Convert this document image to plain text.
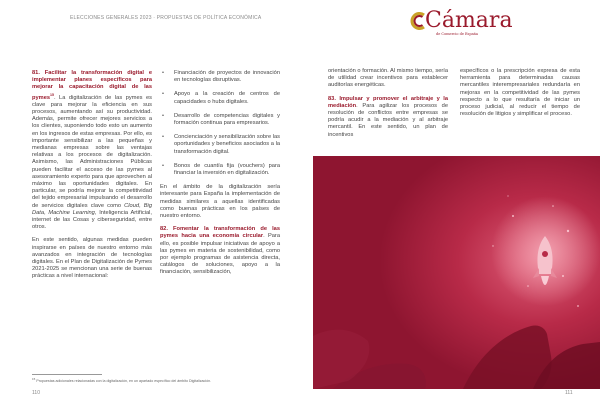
ELECCIONES GENERALES 2023 · PROPUESTAS DE POLÍTICA ECONÓMICA	Cámara
de Comercio de España

81. Facilitar la transformación digital e implementar planes específicos para mejorar la capacitación digital de las pymes$^{15}$. La digitalización de las pymes es clave para mejorar la eficiencia en sus procesos, aumentando así su productividad. Además, permite ofrecer mejores servicios a los clientes, suponiendo todo esto un aumento en los ingresos de estas empresas. Por ello, es importante sensibilizar a las pequeñas y medianas empresas sobre las ventajas relativas a los procesos de digitalización. Asimismo, las Administraciones Públicas pueden facilitar el acceso de las pymes al asesoramiento experto para que aprovechen al máximo las oportunidades digitales. En particular, se podría mejorar la competitividad del tejido empresarial impulsando el desarrollo de servicios digitales clave como Cloud, Big Data, Machine Learning, Inteligencia Artificial, internet de las Cosas y ciberseguridad, entre otros.

En este sentido, algunas medidas pueden inspirarse en países de nuestro entorno más avanzados en integración de tecnologías digitales. En el Plan de Digitalización de Pymes 2021-2025 se mencionan una serie de buenas prácticas a nivel internacional:

• Financiación de proyectos de innovación en tecnologías disruptivas.
• Apoyo a la creación de centros de capacidades o hubs digitales.
• Desarrollo de competencias digitales y formación continua para empresarios.
• Concienciación y sensibilización sobre las oportunidades y beneficios asociados a la transformación digital.
• Bonos de cuantía fija (vouchers) para financiar la inversión en digitalización.

En el ámbito de la digitalización sería interesante para España la implementación de medidas similares a aquellas identificadas como buenas prácticas en los países de nuestro entorno.

82. Fomentar la transformación de las pymes hacia una economía circular. Para ello, es posible impulsar iniciativas de apoyo a las pymes en materia de sostenibilidad, como por ejemplo programas de asistencia directa, catálogos de soluciones, apoyo a la financiación, sensibilización,

orientación o formación. Al mismo tiempo, sería de utilidad crear incentivos para establecer auditorías energéticas.

83. Impulsar y promover el arbitraje y la mediación. Para agilizar los procesos de resolución de conflictos entre empresas se podría acudir a la mediación y al arbitraje mercantil. En este sentido, un plan de incentivos

específicos o la prescripción expresa de esta herramienta para determinadas causas mercantiles interempresariales redundaría en mejoras en la competitividad de las pymes respecto a lo que resultaría de iniciar un proceso judicial, al reducir el tiempo de resolución de litigios y simplificar el proceso.

$^{15}$ Propuestas adicionales relacionadas con la digitalización, en un apartado específico del ámbito Digitalización.
110	111
